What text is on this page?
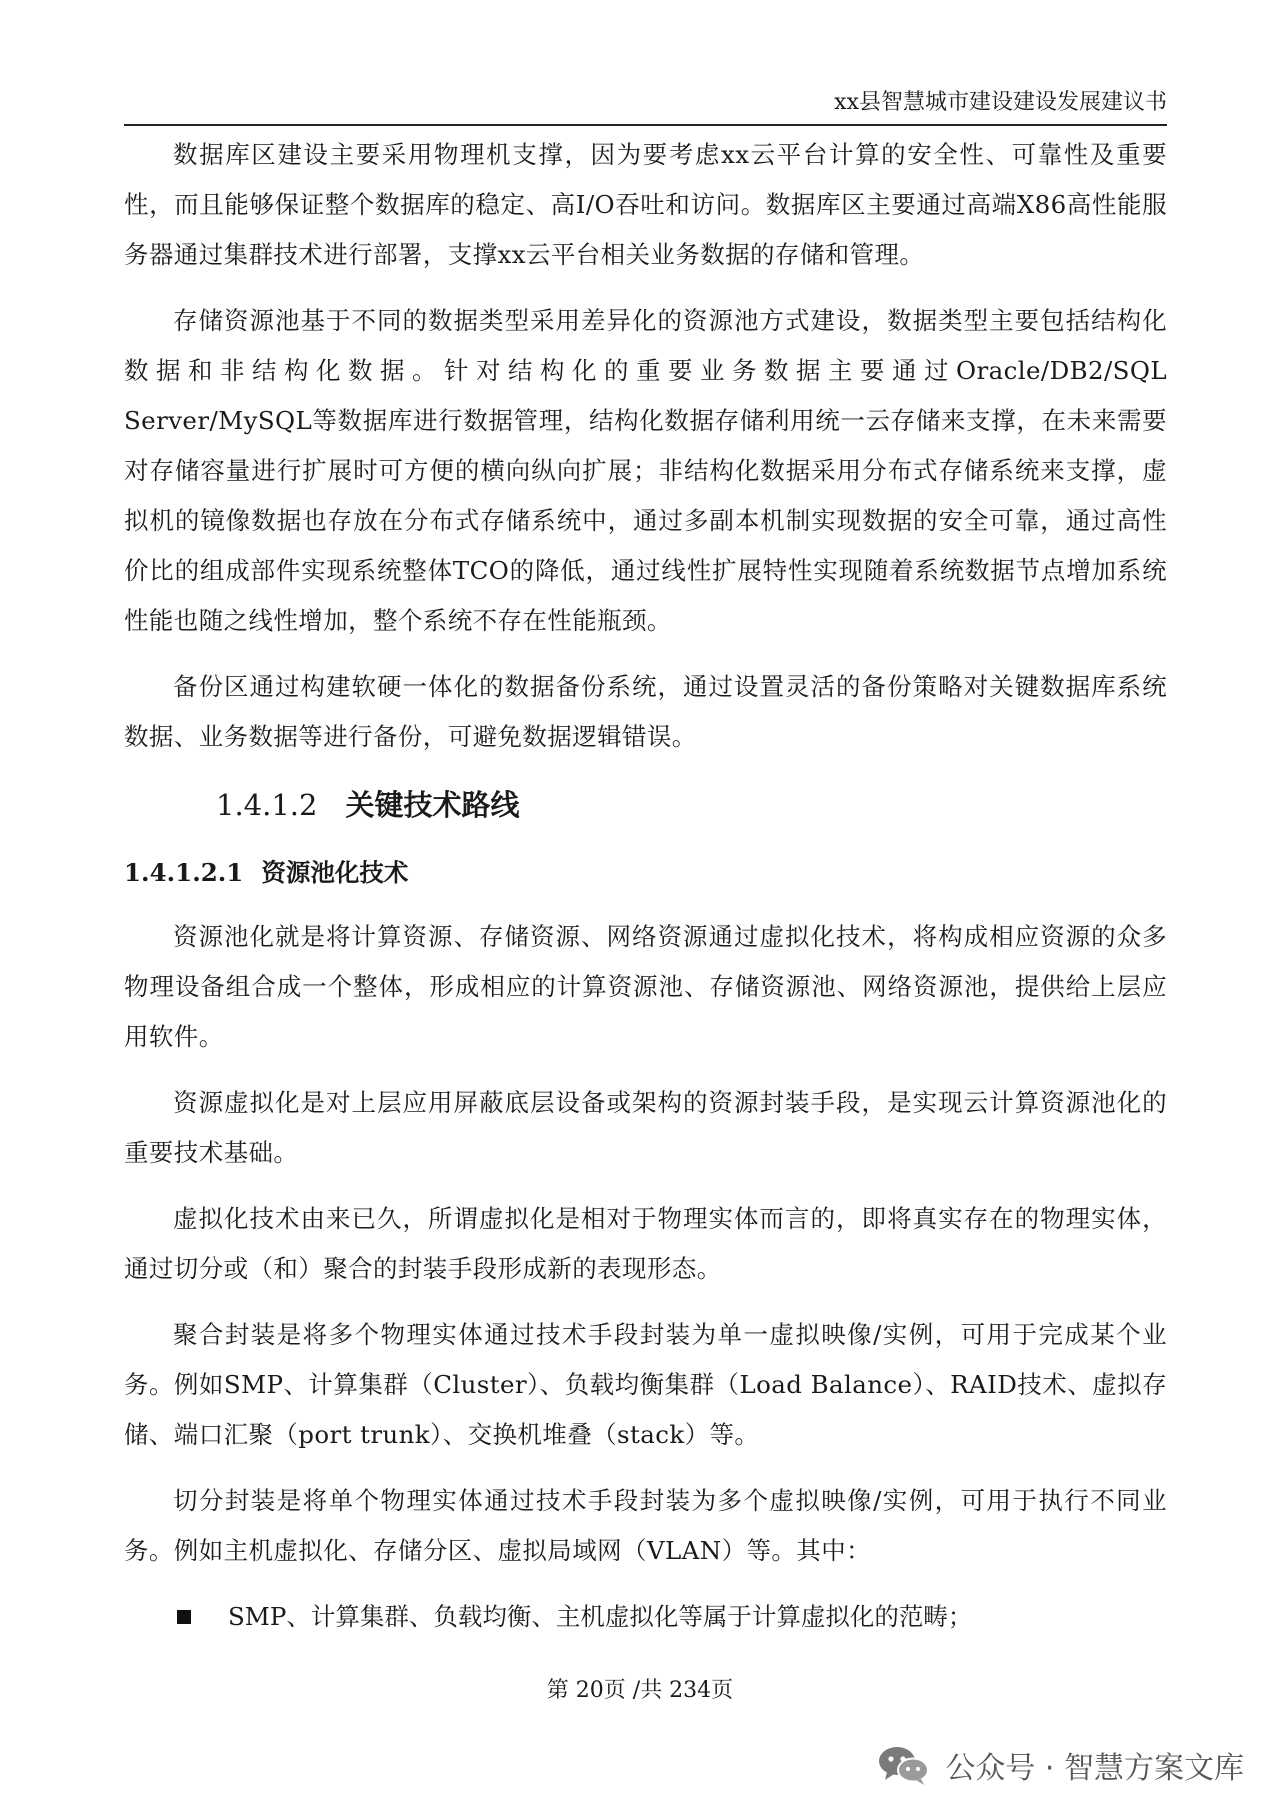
xx县智慧城市建设建设发展建议书

数据库区建设主要采用物理机支撑，因为要考虑xx云平台计算的安全性、可靠性及重要性，而且能够保证整个数据库的稳定、高I/O吞吐和访问。数据库区主要通过高端X86高性能服务器通过集群技术进行部署，支撑xx云平台相关业务数据的存储和管理。

存储资源池基于不同的数据类型采用差异化的资源池方式建设，数据类型主要包括结构化数据和非结构化数据。针对结构化的重要业务数据主要通过Oracle/DB2/SQL Server/MySQL等数据库进行数据管理，结构化数据存储利用统一云存储来支撑，在未来需要对存储容量进行扩展时可方便的横向纵向扩展；非结构化数据采用分布式存储系统来支撑，虚拟机的镜像数据也存放在分布式存储系统中，通过多副本机制实现数据的安全可靠，通过高性价比的组成部件实现系统整体TCO的降低，通过线性扩展特性实现随着系统数据节点增加系统性能也随之线性增加，整个系统不存在性能瓶颈。

备份区通过构建软硬一体化的数据备份系统，通过设置灵活的备份策略对关键数据库系统数据、业务数据等进行备份，可避免数据逻辑错误。

1.4.1.2 关键技术路线
1.4.1.2.1 资源池化技术

资源池化就是将计算资源、存储资源、网络资源通过虚拟化技术，将构成相应资源的众多物理设备组合成一个整体，形成相应的计算资源池、存储资源池、网络资源池，提供给上层应用软件。

资源虚拟化是对上层应用屏蔽底层设备或架构的资源封装手段，是实现云计算资源池化的重要技术基础。

虚拟化技术由来已久，所谓虚拟化是相对于物理实体而言的，即将真实存在的物理实体，通过切分或（和）聚合的封装手段形成新的表现形态。

聚合封装是将多个物理实体通过技术手段封装为单一虚拟映像/实例，可用于完成某个业务。例如SMP、计算集群（Cluster）、负载均衡集群（Load Balance）、RAID技术、虚拟存储、端口汇聚（port trunk）、交换机堆叠（stack）等。

切分封装是将单个物理实体通过技术手段封装为多个虚拟映像/实例，可用于执行不同业务。例如主机虚拟化、存储分区、虚拟局域网（VLAN）等。其中：

SMP、计算集群、负载均衡、主机虚拟化等属于计算虚拟化的范畴；
第 20页 /共 234页
公众号 · 智慧方案文库
